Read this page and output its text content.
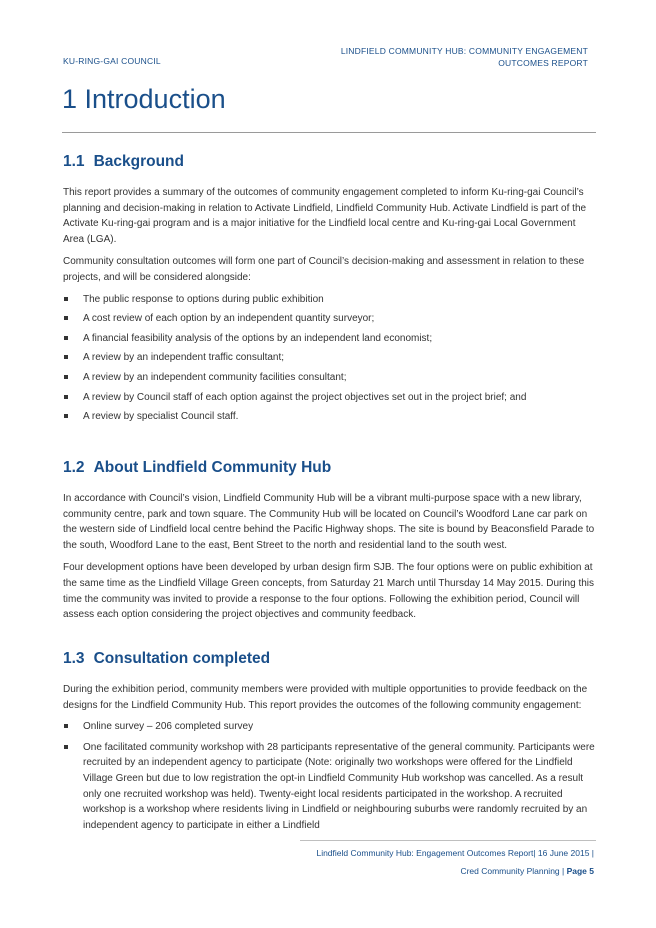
KU-RING-GAI COUNCIL
LINDFIELD COMMUNITY HUB: COMMUNITY ENGAGEMENT
OUTCOMES REPORT
1 Introduction
1.1 Background

This report provides a summary of the outcomes of community engagement completed to inform Ku-ring-gai Council’s planning and decision-making in relation to Activate Lindfield, Lindfield Community Hub. Activate Lindfield is part of the Activate Ku-ring-gai program and is a major initiative for the Lindfield local centre and Ku-ring-gai Local Government Area (LGA).

Community consultation outcomes will form one part of Council’s decision-making and assessment in relation to these projects, and will be considered alongside:

The public response to options during public exhibition
A cost review of each option by an independent quantity surveyor;
A financial feasibility analysis of the options by an independent land economist;
A review by an independent traffic consultant;
A review by an independent community facilities consultant;
A review by Council staff of each option against the project objectives set out in the project brief; and
A review by specialist Council staff.
1.2 About Lindfield Community Hub

In accordance with Council’s vision, Lindfield Community Hub will be a vibrant multi-purpose space with a new library, community centre, park and town square. The Community Hub will be located on Council’s Woodford Lane car park on the western side of Lindfield local centre behind the Pacific Highway shops. The site is bound by Beaconsfield Parade to the south, Woodford Lane to the east, Bent Street to the north and residential land to the south west.

Four development options have been developed by urban design firm SJB. The four options were on public exhibition at the same time as the Lindfield Village Green concepts, from Saturday 21 March until Thursday 14 May 2015. During this time the community was invited to provide a response to the four options. Following the exhibition period, Council will assess each option considering the project objectives and community feedback.

1.3 Consultation completed

During the exhibition period, community members were provided with multiple opportunities to provide feedback on the designs for the Lindfield Community Hub. This report provides the outcomes of the following community engagement:

Online survey – 206 completed survey
One facilitated community workshop with 28 participants representative of the general community. Participants were recruited by an independent agency to participate (Note: originally two workshops were offered for the Lindfield Village Green but due to low registration the opt-in Lindfield Community Hub workshop was cancelled. As a result only one recruited workshop was held). Twenty-eight local residents participated in the workshop. A recruited workshop is a workshop where residents living in Lindfield or neighbouring suburbs were randomly recruited by an independent agency to participate in either a Lindfield
Lindfield Community Hub: Engagement Outcomes Report| 16 June 2015 |
Cred Community Planning | Page 5
